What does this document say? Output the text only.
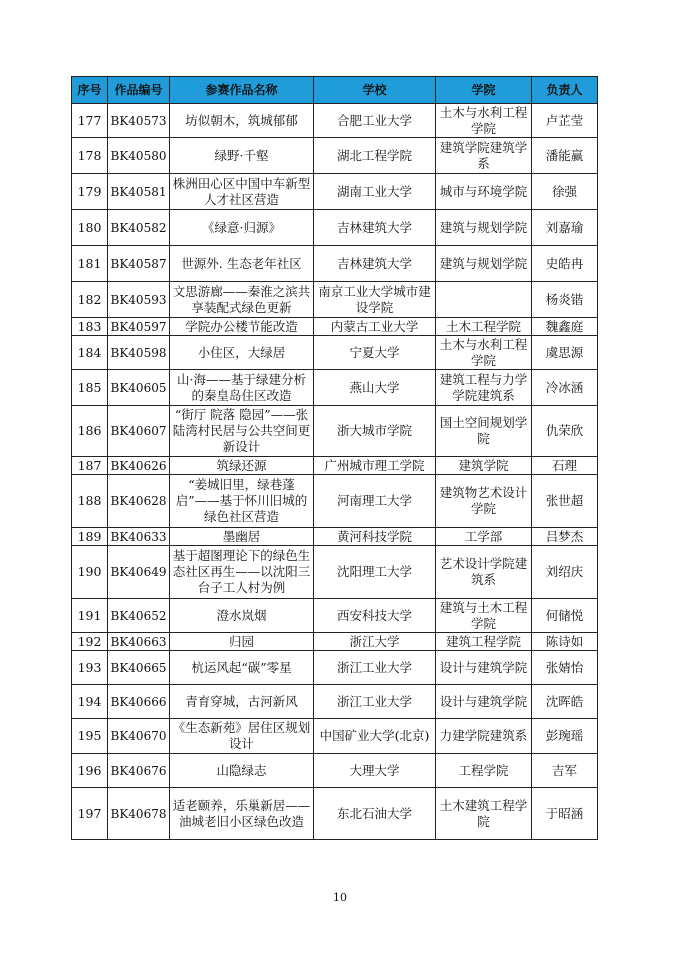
序号	作品编号	参赛作品名称	学校	学院	负责人
177	BK40573	坊似朝木，筑城郁郁	合肥工业大学	土木与水利工程学院	卢芷莹
178	BK40580	绿野·千壑	湖北工程学院	建筑学院建筑学系	潘能赢
179	BK40581	株洲田心区中国中车新型人才社区营造	湖南工业大学	城市与环境学院	徐强
180	BK40582	《绿意·归源》	吉林建筑大学	建筑与规划学院	刘嘉瑜
181	BK40587	世源外. 生态老年社区	吉林建筑大学	建筑与规划学院	史皓冉
182	BK40593	文思游廊——秦淮之滨共享装配式绿色更新	南京工业大学城市建设学院		杨炎锴
183	BK40597	学院办公楼节能改造	内蒙古工业大学	土木工程学院	魏鑫庭
184	BK40598	小住区，大绿居	宁夏大学	土木与水利工程学院	虞思源
185	BK40605	山·海——基于绿建分析的秦皇岛住区改造	燕山大学	建筑工程与力学学院建筑系	冷冰涵
186	BK40607	“街厅 院落 隐园”——张陆湾村民居与公共空间更新设计	浙大城市学院	国土空间规划学院	仇荣欣
187	BK40626	筑绿还源	广州城市理工学院	建筑学院	石理
188	BK40628	“姜城旧里，绿巷蓬启”——基于怀川旧城的绿色社区营造	河南理工大学	建筑物艺术设计学院	张世超
189	BK40633	墨幽居	黄河科技学院	工学部	吕梦杰
190	BK40649	基于超图理论下的绿色生态社区再生——以沈阳三台子工人村为例	沈阳理工大学	艺术设计学院建筑系	刘绍庆
191	BK40652	澄水岚烟	西安科技大学	建筑与土木工程学院	何储悦
192	BK40663	归园	浙江大学	建筑工程学院	陈诗如
193	BK40665	杭运风起“碳”零星	浙江工业大学	设计与建筑学院	张婧怡
194	BK40666	青育穿城，古河新风	浙江工业大学	设计与建筑学院	沈晖皓
195	BK40670	《生态新苑》居住区规划设计	中国矿业大学(北京)	力建学院建筑系	彭琬瑶
196	BK40676	山隐绿志	大理大学	工程学院	吉军
197	BK40678	适老颐养，乐巢新居——油城老旧小区绿色改造	东北石油大学	土木建筑工程学院	于昭涵
10
